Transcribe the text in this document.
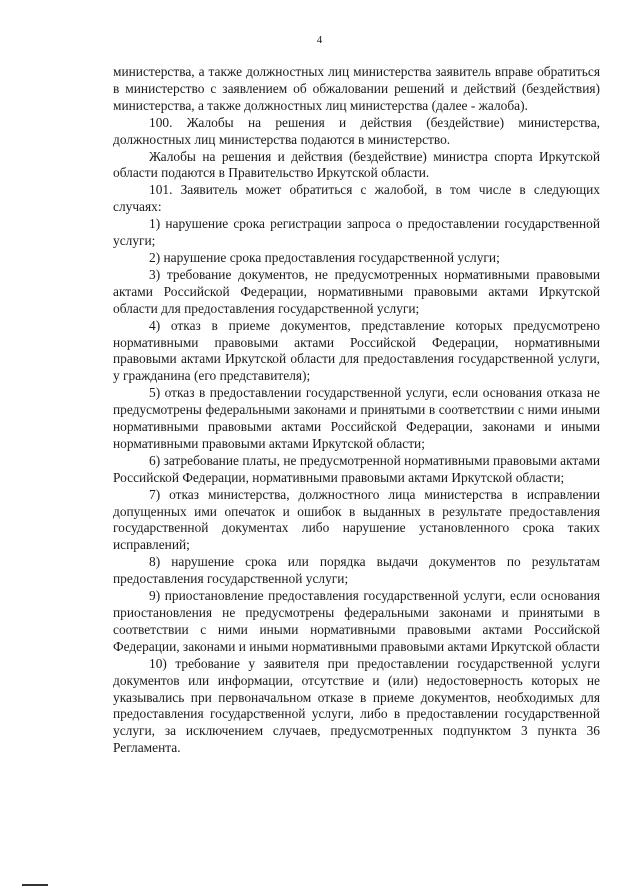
4

министерства, а также должностных лиц министерства заявитель вправе обратиться в министерство с заявлением об обжаловании решений и действий (бездействия) министерства, а также должностных лиц министерства (далее - жалоба).

100. Жалобы на решения и действия (бездействие) министерства, должностных лиц министерства подаются в министерство.

Жалобы на решения и действия (бездействие) министра спорта Иркутской области подаются в Правительство Иркутской области.

101. Заявитель может обратиться с жалобой, в том числе в следующих случаях:

1) нарушение срока регистрации запроса о предоставлении государственной услуги;

2) нарушение срока предоставления государственной услуги;

3) требование документов, не предусмотренных нормативными правовыми актами Российской Федерации, нормативными правовыми актами Иркутской области для предоставления государственной услуги;

4) отказ в приеме документов, представление которых предусмотрено нормативными правовыми актами Российской Федерации, нормативными правовыми актами Иркутской области для предоставления государственной услуги, у гражданина (его представителя);

5) отказ в предоставлении государственной услуги, если основания отказа не предусмотрены федеральными законами и принятыми в соответствии с ними иными нормативными правовыми актами Российской Федерации, законами и иными нормативными правовыми актами Иркутской области;

6) затребование платы, не предусмотренной нормативными правовыми актами Российской Федерации, нормативными правовыми актами Иркутской области;

7) отказ министерства, должностного лица министерства в исправлении допущенных ими опечаток и ошибок в выданных в результате предоставления государственной документах либо нарушение установленного срока таких исправлений;

8) нарушение срока или порядка выдачи документов по результатам предоставления государственной услуги;

9) приостановление предоставления государственной услуги, если основания приостановления не предусмотрены федеральными законами и принятыми в соответствии с ними иными нормативными правовыми актами Российской Федерации, законами и иными нормативными правовыми актами Иркутской области

10) требование у заявителя при предоставлении государственной услуги документов или информации, отсутствие и (или) недостоверность которых не указывались при первоначальном отказе в приеме документов, необходимых для предоставления государственной услуги, либо в предоставлении государственной услуги, за исключением случаев, предусмотренных подпунктом 3 пункта 36 Регламента.
